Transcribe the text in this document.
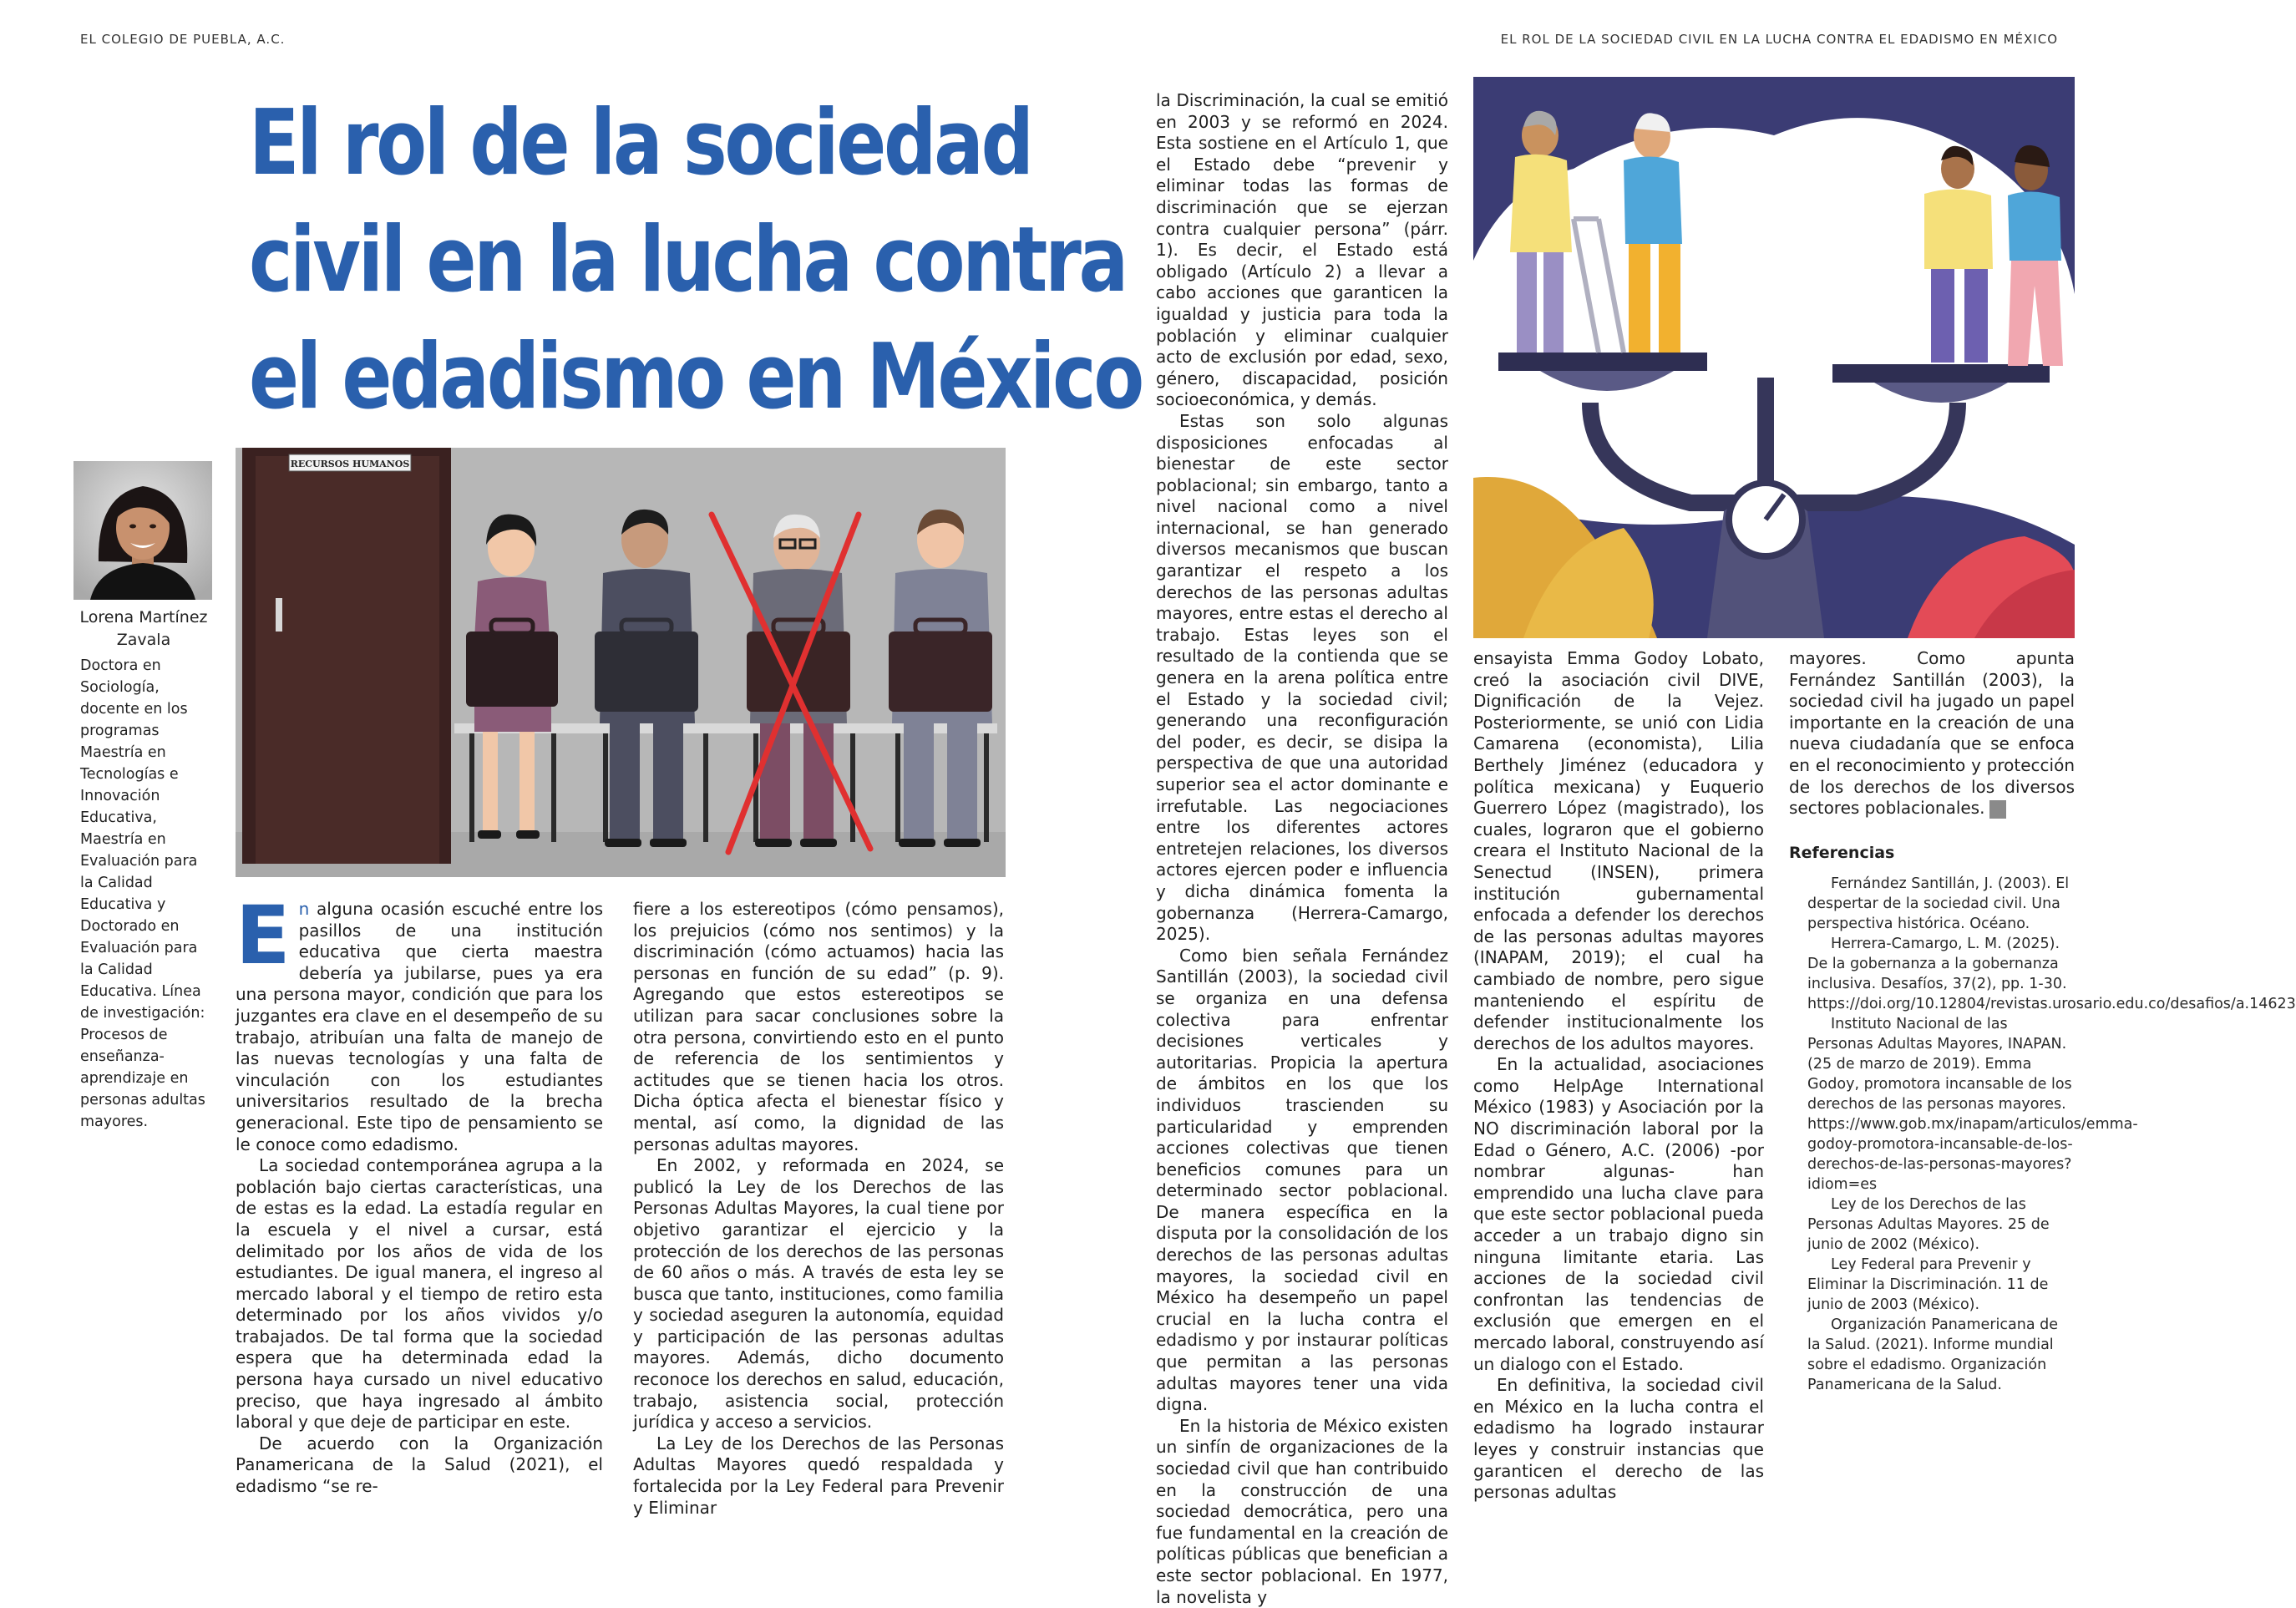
EL COLEGIO DE PUEBLA, A.C.	EL ROL DE LA SOCIEDAD CIVIL EN LA LUCHA CONTRA EL EDADISMO EN MÉXICO
El rol de la sociedad
civil en la lucha contra
el edadismo en México
Lorena Martínez Zavala
Doctora en Sociología, docente en los programas Maestría en Tecnologías e Innovación Educativa, Maestría en Evaluación para la Calidad Educativa y Doctorado en Evaluación para la Calidad Educativa. Línea de investigación: Procesos de enseñanza-aprendizaje en personas adultas mayores.
RECURSOS HUMANOS

En alguna ocasión escuché entre los pasillos de una institución educativa que cierta maestra debería ya jubilarse, pues ya era una persona mayor, condición que para los juzgantes era clave en el desempeño de su trabajo, atribuían una falta de manejo de las nuevas tecnologías y una falta de vinculación con los estudiantes universitarios resultado de la brecha generacional. Este tipo de pensamiento se le conoce como edadismo.

La sociedad contemporánea agrupa a la población bajo ciertas características, una de estas es la edad. La estadía regular en la escuela y el nivel a cursar, está delimitado por los años de vida de los estudiantes. De igual manera, el ingreso al mercado laboral y el tiempo de retiro esta determinado por los años vividos y/o trabajados. De tal forma que la sociedad espera que ha determinada edad la persona haya cursado un nivel educativo preciso, que haya ingresado al ámbito laboral y que deje de participar en este.

De acuerdo con la Organización Panamericana de la Salud (2021), el edadismo “se re-

fiere a los estereotipos (cómo pensamos), los prejuicios (cómo nos sentimos) y la discriminación (cómo actuamos) hacia las personas en función de su edad” (p. 9). Agregando que estos estereotipos se utilizan para sacar conclusiones sobre la otra persona, convirtiendo esto en el punto de referencia de los sentimientos y actitudes que se tienen hacia los otros. Dicha óptica afecta el bienestar físico y mental, así como, la dignidad de las personas adultas mayores.

En 2002, y reformada en 2024, se publicó la Ley de los Derechos de las Personas Adultas Mayores, la cual tiene por objetivo garantizar el ejercicio y la protección de los derechos de las personas de 60 años o más. A través de esta ley se busca que tanto, instituciones, como familia y sociedad aseguren la autonomía, equidad y participación de las personas adultas mayores. Además, dicho documento reconoce los derechos en salud, educación, trabajo, asistencia social, protección jurídica y acceso a servicios.

La Ley de los Derechos de las Personas Adultas Mayores quedó respaldada y fortalecida por la Ley Federal para Prevenir y Eliminar

la Discriminación, la cual se emitió en 2003 y se reformó en 2024. Esta sostiene en el Artículo 1, que el Estado debe “prevenir y eliminar todas las formas de discriminación que se ejerzan contra cualquier persona” (párr. 1). Es decir, el Estado está obligado (Artículo 2) a llevar a cabo acciones que garanticen la igualdad y justicia para toda la población y eliminar cualquier acto de exclusión por edad, sexo, género, discapacidad, posición socioeconómica, y demás.

Estas son solo algunas disposiciones enfocadas al bienestar de este sector poblacional; sin embargo, tanto a nivel nacional como a nivel internacional, se han generado diversos mecanismos que buscan garantizar el respeto a los derechos de las personas adultas mayores, entre estas el derecho al trabajo. Estas leyes son el resultado de la contienda que se genera en la arena política entre el Estado y la sociedad civil; generando una reconfiguración del poder, es decir, se disipa la perspectiva de que una autoridad superior sea el actor dominante e irrefutable. Las negociaciones entre los diferentes actores entretejen relaciones, los diversos actores ejercen poder e influencia y dicha dinámica fomenta la gobernanza (Herrera-Camargo, 2025).

Como bien señala Fernández Santillán (2003), la sociedad civil se organiza en una defensa colectiva para enfrentar decisiones verticales y autoritarias. Propicia la apertura de ámbitos en los que los individuos trascienden su particularidad y emprenden acciones colectivas que tienen beneficios comunes para un determinado sector poblacional. De manera específica en la disputa por la consolidación de los derechos de las personas adultas mayores, la sociedad civil en México ha desempeño un papel crucial en la lucha contra el edadismo y por instaurar políticas que permitan a las personas adultas mayores tener una vida digna.

En la historia de México existen un sinfín de organizaciones de la sociedad civil que han contribuido en la construcción de una sociedad democrática, pero una fue fundamental en la creación de políticas públicas que benefician a este sector poblacional. En 1977, la novelista y

ensayista Emma Godoy Lobato, creó la asociación civil DIVE, Dignificación de la Vejez. Posteriormente, se unió con Lidia Camarena (economista), Lilia Berthely Jiménez (educadora y política mexicana) y Euquerio Guerrero López (magistrado), los cuales, lograron que el gobierno creara el Instituto Nacional de la Senectud (INSEN), primera institución gubernamental enfocada a defender los derechos de las personas adultas mayores (INAPAM, 2019); el cual ha cambiado de nombre, pero sigue manteniendo el espíritu de defender institucionalmente los derechos de los adultos mayores.

En la actualidad, asociaciones como HelpAge International México (1983) y Asociación por la NO discriminación laboral por la Edad o Género, A.C. (2006) -por nombrar algunas- han emprendido una lucha clave para que este sector poblacional pueda acceder a un trabajo digno sin ninguna limitante etaria. Las acciones de la sociedad civil confrontan las tendencias de exclusión que emergen en el mercado laboral, construyendo así un dialogo con el Estado.

En definitiva, la sociedad civil en México en la lucha contra el edadismo ha logrado instaurar leyes y construir instancias que garanticen el derecho de las personas adultas

mayores. Como apunta Fernández Santillán (2003), la sociedad civil ha jugado un papel importante en la creación de una nueva ciudadanía que se enfoca en el reconocimiento y protección de los derechos de los diversos sectores poblacionales.

Referencias

Fernández Santillán, J. (2003). El despertar de la sociedad civil. Una perspectiva histórica. Océano.

Herrera-Camargo, L. M. (2025). De la gobernanza a la gobernanza inclusiva. Desafíos, 37(2), pp. 1-30. https://doi.org/10.12804/revistas.urosario.edu.co/desafios/a.14623

Instituto Nacional de las Personas Adultas Mayores, INAPAN. (25 de marzo de 2019). Emma Godoy, promotora incansable de los derechos de las personas mayores. https://www.gob.mx/inapam/articulos/emma-godoy-promotora-incansable-de-los-derechos-de-las-personas-mayores?idiom=es

Ley de los Derechos de las Personas Adultas Mayores. 25 de junio de 2002 (México).

Ley Federal para Prevenir y Eliminar la Discriminación. 11 de junio de 2003 (México).

Organización Panamericana de la Salud. (2021). Informe mundial sobre el edadismo. Organización Panamericana de la Salud.
